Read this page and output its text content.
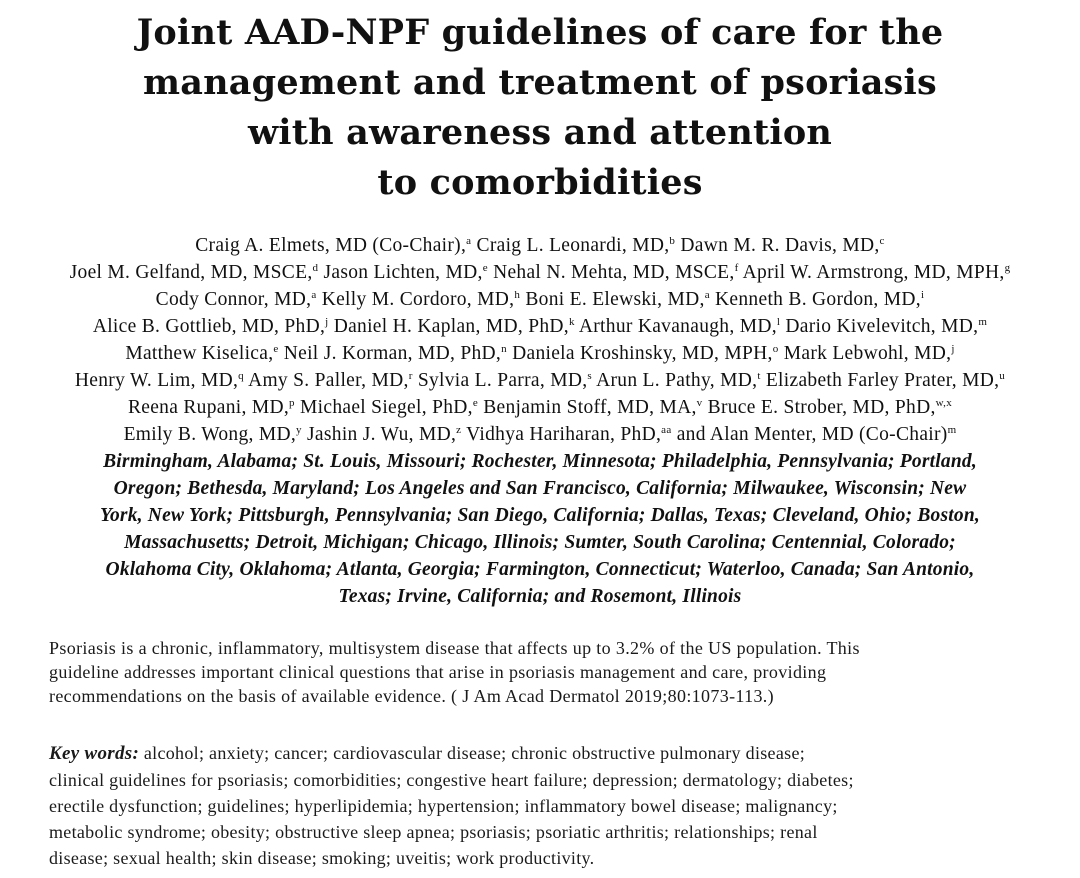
Joint AAD-NPF guidelines of care for the
management and treatment of psoriasis
with awareness and attention
to comorbidities
Craig A. Elmets, MD (Co-Chair),$^a$ Craig L. Leonardi, MD,$^b$ Dawn M. R. Davis, MD,$^c$
Joel M. Gelfand, MD, MSCE,$^d$ Jason Lichten, MD,$^e$ Nehal N. Mehta, MD, MSCE,$^f$ April W. Armstrong, MD, MPH,$^g$
Cody Connor, MD,$^a$ Kelly M. Cordoro, MD,$^h$ Boni E. Elewski, MD,$^a$ Kenneth B. Gordon, MD,$^i$
Alice B. Gottlieb, MD, PhD,$^j$ Daniel H. Kaplan, MD, PhD,$^k$ Arthur Kavanaugh, MD,$^l$ Dario Kivelevitch, MD,$^m$
Matthew Kiselica,$^e$ Neil J. Korman, MD, PhD,$^n$ Daniela Kroshinsky, MD, MPH,$^o$ Mark Lebwohl, MD,$^j$
Henry W. Lim, MD,$^q$ Amy S. Paller, MD,$^r$ Sylvia L. Parra, MD,$^s$ Arun L. Pathy, MD,$^t$ Elizabeth Farley Prater, MD,$^u$
Reena Rupani, MD,$^p$ Michael Siegel, PhD,$^e$ Benjamin Stoff, MD, MA,$^v$ Bruce E. Strober, MD, PhD,$^{w,x}$
Emily B. Wong, MD,$^y$ Jashin J. Wu, MD,$^z$ Vidhya Hariharan, PhD,$^{aa}$ and Alan Menter, MD (Co-Chair)$^m$
Birmingham, Alabama; St. Louis, Missouri; Rochester, Minnesota; Philadelphia, Pennsylvania; Portland,
Oregon; Bethesda, Maryland; Los Angeles and San Francisco, California; Milwaukee, Wisconsin; New
York, New York; Pittsburgh, Pennsylvania; San Diego, California; Dallas, Texas; Cleveland, Ohio; Boston,
Massachusetts; Detroit, Michigan; Chicago, Illinois; Sumter, South Carolina; Centennial, Colorado;
Oklahoma City, Oklahoma; Atlanta, Georgia; Farmington, Connecticut; Waterloo, Canada; San Antonio,
Texas; Irvine, California; and Rosemont, Illinois
Psoriasis is a chronic, inflammatory, multisystem disease that affects up to 3.2% of the US population. This
guideline addresses important clinical questions that arise in psoriasis management and care, providing
recommendations on the basis of available evidence. ( J Am Acad Dermatol 2019;80:1073-113.)
Key words: alcohol; anxiety; cancer; cardiovascular disease; chronic obstructive pulmonary disease;
clinical guidelines for psoriasis; comorbidities; congestive heart failure; depression; dermatology; diabetes;
erectile dysfunction; guidelines; hyperlipidemia; hypertension; inflammatory bowel disease; malignancy;
metabolic syndrome; obesity; obstructive sleep apnea; psoriasis; psoriatic arthritis; relationships; renal
disease; sexual health; skin disease; smoking; uveitis; work productivity.
